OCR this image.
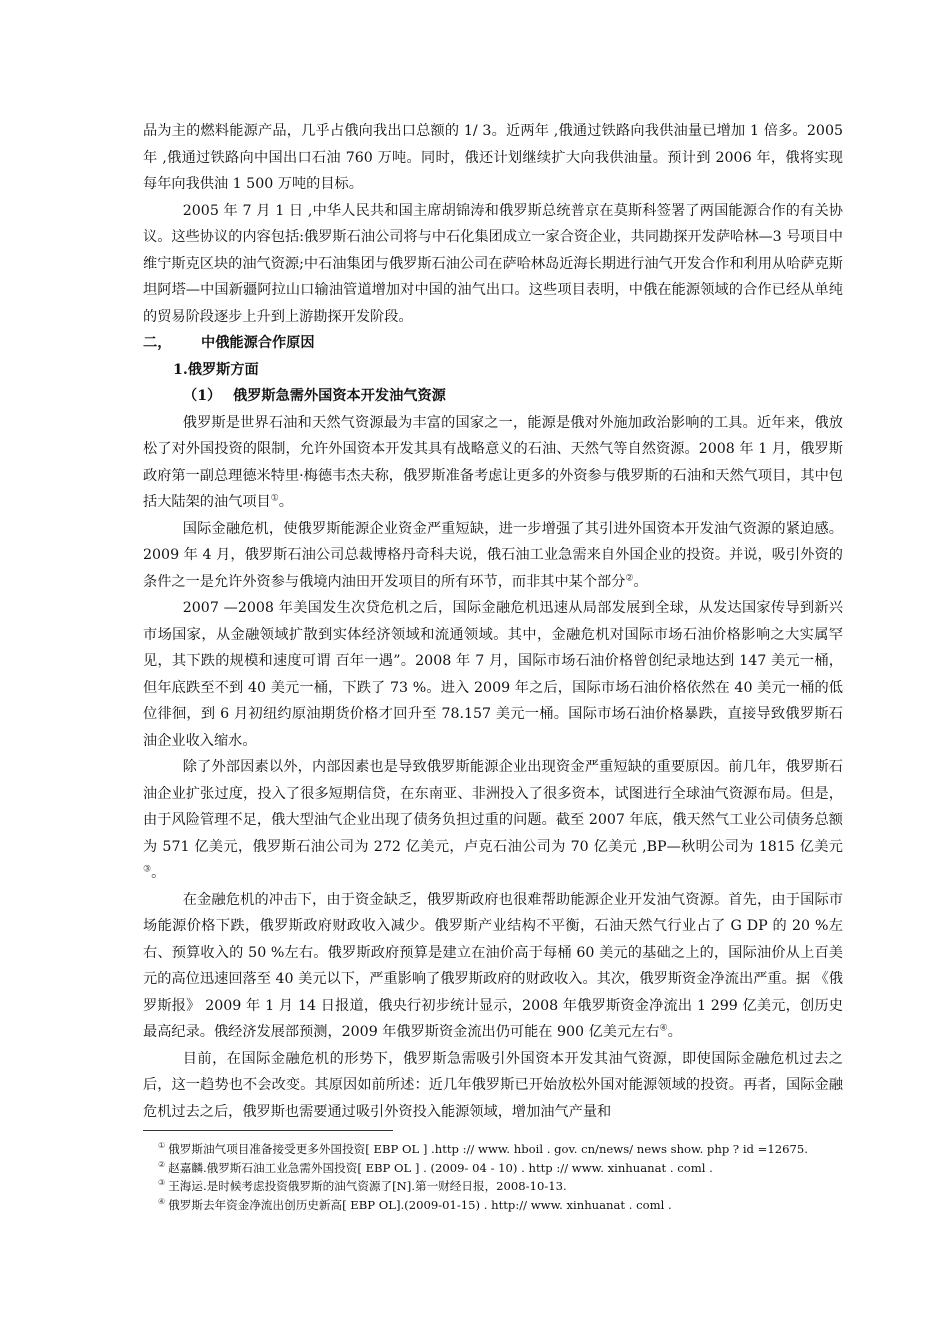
品为主的燃料能源产品，几乎占俄向我出口总额的 1/ 3。近两年 ,俄通过铁路向我供油量已增加 1 倍多。2005 年 ,俄通过铁路向中国出口石油 760 万吨。同时，俄还计划继续扩大向我供油量。预计到 2006 年，俄将实现每年向我供油 1 500 万吨的目标。

2005 年 7 月 1 日 ,中华人民共和国主席胡锦涛和俄罗斯总统普京在莫斯科签署了两国能源合作的有关协议。这些协议的内容包括:俄罗斯石油公司将与中石化集团成立一家合资企业，共同勘探开发萨哈林—3 号项目中维宁斯克区块的油气资源;中石油集团与俄罗斯石油公司在萨哈林岛近海长期进行油气开发合作和利用从哈萨克斯坦阿塔—中国新疆阿拉山口输油管道增加对中国的油气出口。这些项目表明，中俄在能源领域的合作已经从单纯的贸易阶段逐步上升到上游勘探开发阶段。

二， 中俄能源合作原因

1.俄罗斯方面

（1） 俄罗斯急需外国资本开发油气资源

俄罗斯是世界石油和天然气资源最为丰富的国家之一，能源是俄对外施加政治影响的工具。近年来，俄放松了对外国投资的限制，允许外国资本开发其具有战略意义的石油、天然气等自然资源。2008 年 1 月，俄罗斯政府第一副总理德米特里·梅德韦杰夫称，俄罗斯准备考虑让更多的外资参与俄罗斯的石油和天然气项目，其中包括大陆架的油气项目①。

国际金融危机，使俄罗斯能源企业资金严重短缺，进一步增强了其引进外国资本开发油气资源的紧迫感。2009 年 4 月，俄罗斯石油公司总裁博格丹奇科夫说，俄石油工业急需来自外国企业的投资。并说，吸引外资的条件之一是允许外资参与俄境内油田开发项目的所有环节，而非其中某个部分②。

2007 —2008 年美国发生次贷危机之后，国际金融危机迅速从局部发展到全球，从发达国家传导到新兴市场国家，从金融领域扩散到实体经济领域和流通领域。其中，金融危机对国际市场石油价格影响之大实属罕见，其下跌的规模和速度可谓 百年一遇”。2008 年 7 月，国际市场石油价格曾创纪录地达到 147 美元一桶，但年底跌至不到 40 美元一桶，下跌了 73 %。进入 2009 年之后，国际市场石油价格依然在 40 美元一桶的低位徘徊，到 6 月初纽约原油期货价格才回升至 78.157 美元一桶。国际市场石油价格暴跌，直接导致俄罗斯石油企业收入缩水。

除了外部因素以外，内部因素也是导致俄罗斯能源企业出现资金严重短缺的重要原因。前几年，俄罗斯石油企业扩张过度，投入了很多短期信贷，在东南亚、非洲投入了很多资本，试图进行全球油气资源布局。但是，由于风险管理不足，俄大型油气企业出现了债务负担过重的问题。截至 2007 年底，俄天然气工业公司债务总额为 571 亿美元，俄罗斯石油公司为 272 亿美元，卢克石油公司为 70 亿美元 ,BP—秋明公司为 1815 亿美元③。

在金融危机的冲击下，由于资金缺乏，俄罗斯政府也很难帮助能源企业开发油气资源。首先，由于国际市场能源价格下跌，俄罗斯政府财政收入减少。俄罗斯产业结构不平衡，石油天然气行业占了 G DP 的 20 %左右、预算收入的 50 %左右。俄罗斯政府预算是建立在油价高于每桶 60 美元的基础之上的，国际油价从上百美元的高位迅速回落至 40 美元以下，严重影响了俄罗斯政府的财政收入。其次，俄罗斯资金净流出严重。据 《俄罗斯报》 2009 年 1 月 14 日报道，俄央行初步统计显示，2008 年俄罗斯资金净流出 1 299 亿美元，创历史最高纪录。俄经济发展部预测，2009 年俄罗斯资金流出仍可能在 900 亿美元左右④。

目前，在国际金融危机的形势下，俄罗斯急需吸引外国资本开发其油气资源，即使国际金融危机过去之后，这一趋势也不会改变。其原因如前所述：近几年俄罗斯已开始放松外国对能源领域的投资。再者，国际金融危机过去之后，俄罗斯也需要通过吸引外资投入能源领域，增加油气产量和

① 俄罗斯油气项目准备接受更多外国投资[ EBP OL ] .http :// www. hboil . gov. cn/news/ news show. php ? id =12675.
② 赵嘉麟.俄罗斯石油工业急需外国投资[ EBP OL ] . (2009- 04 - 10) . http :// www. xinhuanat . coml .
③ 王海运.是时候考虑投资俄罗斯的油气资源了[N].第一财经日报，2008-10-13.
④ 俄罗斯去年资金净流出创历史新高[ EBP OL].(2009-01-15) . http:// www. xinhuanat . coml .
